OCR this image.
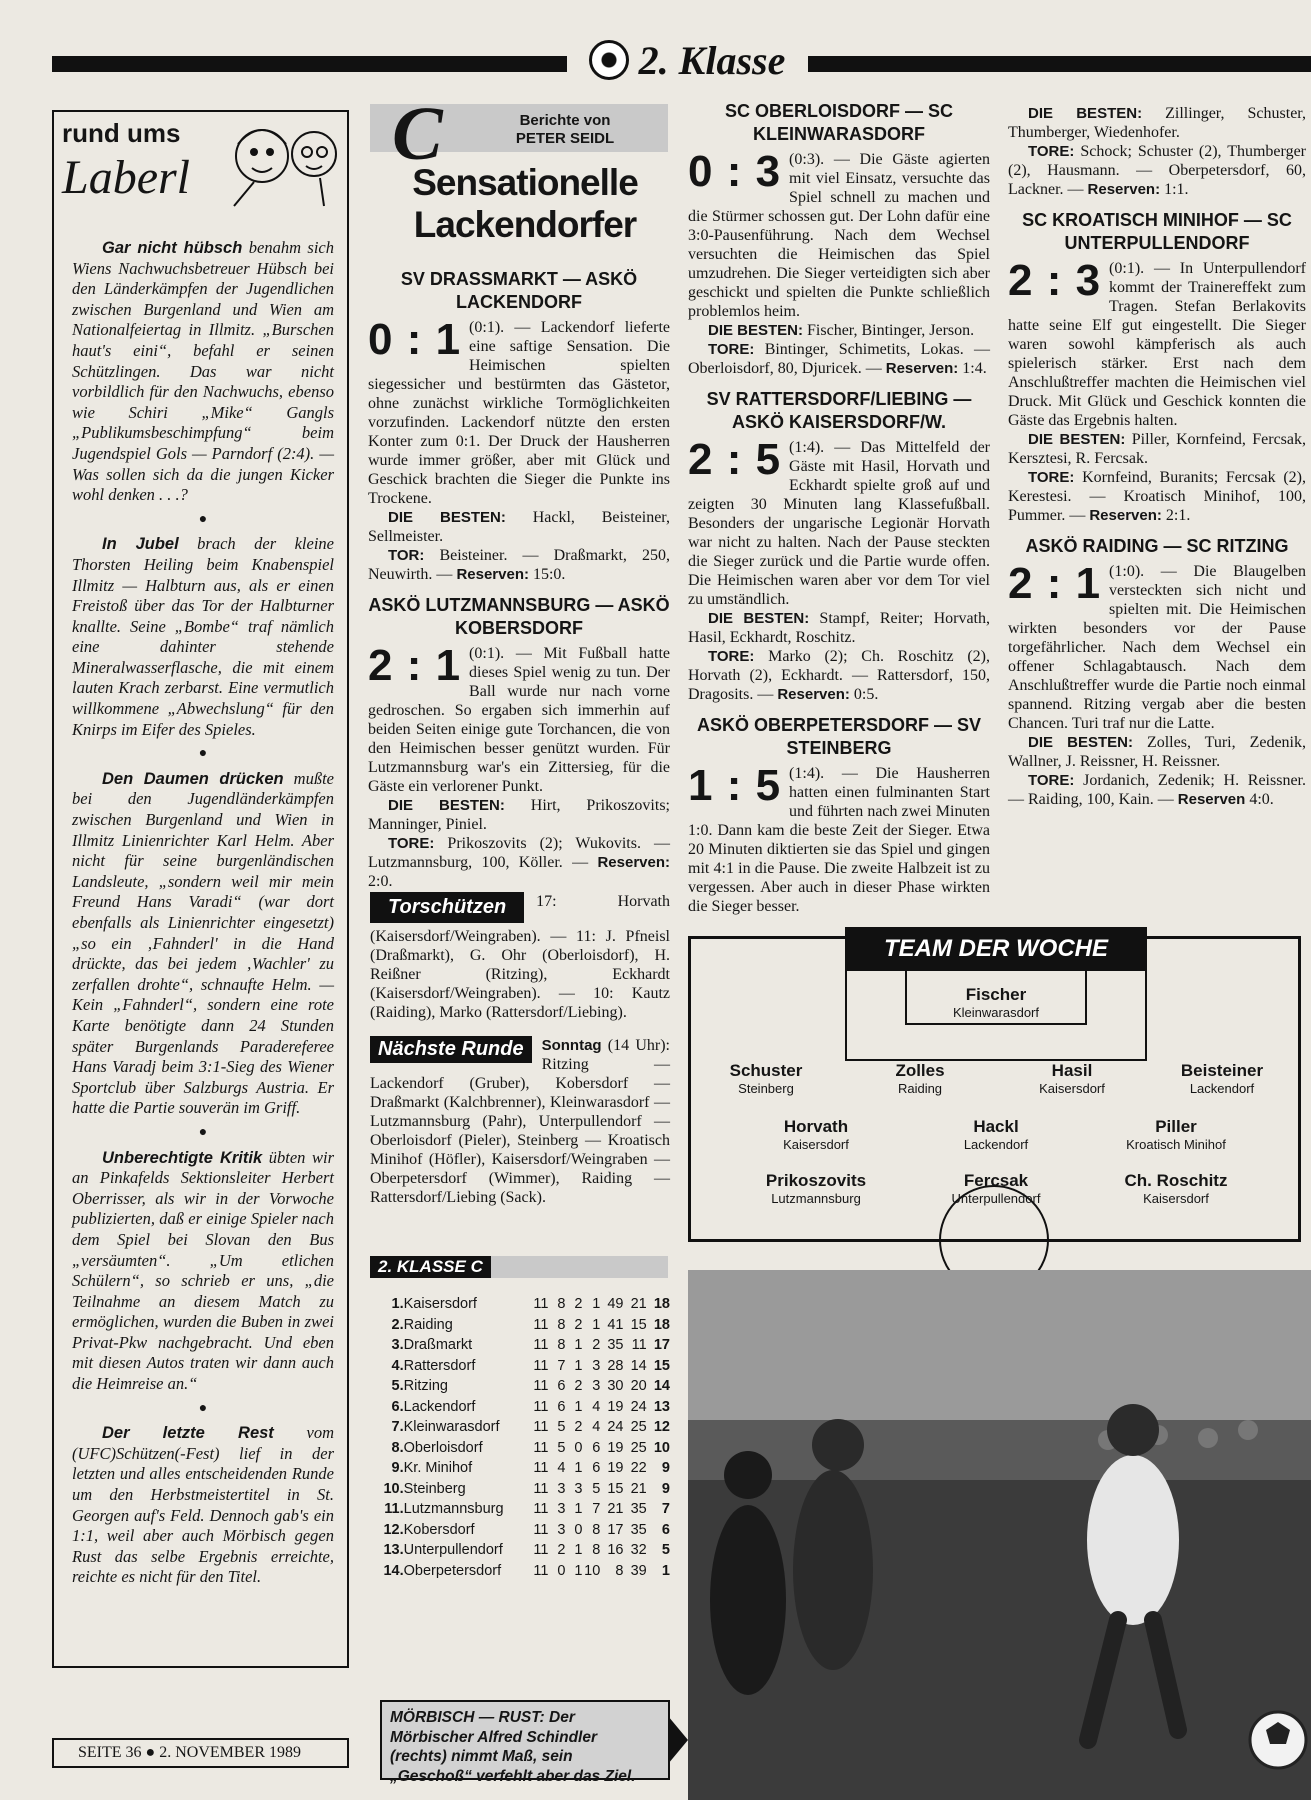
2. Klasse
rund ums
Laberl

Gar nicht hübsch benahm sich Wiens Nachwuchsbetreuer Hübsch bei den Länderkämpfen der Jugendlichen zwischen Burgenland und Wien am Nationalfeiertag in Illmitz. „Burschen haut's eini“, befahl er seinen Schützlingen. Das war nicht vorbildlich für den Nachwuchs, ebenso wie Schiri „Mike“ Gangls „Publikumsbeschimpfung“ beim Jugendspiel Gols — Parndorf (2:4). — Was sollen sich da die jungen Kicker wohl denken . . .?

●

In Jubel brach der kleine Thorsten Heiling beim Knabenspiel Illmitz — Halbturn aus, als er einen Freistoß über das Tor der Halbturner knallte. Seine „Bombe“ traf nämlich eine dahinter stehende Mineralwasserflasche, die mit einem lauten Krach zerbarst. Eine vermutlich willkommene „Abwechslung“ für den Knirps im Eifer des Spieles.

●

Den Daumen drücken mußte bei den Jugendländerkämpfen zwischen Burgenland und Wien in Illmitz Linienrichter Karl Helm. Aber nicht für seine burgenländischen Landsleute, „sondern weil mir mein Freund Hans Varadi“ (war dort ebenfalls als Linienrichter eingesetzt) „so ein ‚Fahnderl' in die Hand drückte, das bei jedem ‚Wachler' zu zerfallen drohte“, schnaufte Helm. — Kein „Fahnderl“, sondern eine rote Karte benötigte dann 24 Stunden später Burgenlands Paradereferee Hans Varadj beim 3:1-Sieg des Wiener Sportclub über Salzburgs Austria. Er hatte die Partie souverän im Griff.

●

Unberechtigte Kritik übten wir an Pinkafelds Sektionsleiter Herbert Oberrisser, als wir in der Vorwoche publizierten, daß er einige Spieler nach dem Spiel bei Slovan den Bus „versäumten“. „Um etlichen Schülern“, so schrieb er uns, „die Teilnahme an diesem Match zu ermöglichen, wurden die Buben in zwei Privat-Pkw nachgebracht. Und eben mit diesen Autos traten wir dann auch die Heimreise an.“

●

Der letzte Rest vom (UFC)Schützen(-Fest) lief in der letzten und alles entscheidenden Runde um den Herbstmeistertitel in St. Georgen auf's Feld. Dennoch gab's ein 1:1, weil aber auch Mörbisch gegen Rust das selbe Ergebnis erreichte, reichte es nicht für den Titel.

C	Berichte von
PETER SEIDL
Sensationelle Lackendorfer
SV DRASSMARKT — ASKÖ LACKENDORF

0 : 1 (0:1). — Lackendorf lieferte eine saftige Sensation. Die Heimischen spielten siegessicher und bestürmten das Gästetor, ohne zunächst wirkliche Tormöglichkeiten vorzufinden. Lackendorf nützte den ersten Konter zum 0:1. Der Druck der Hausherren wurde immer größer, aber mit Glück und Geschick brachten die Sieger die Punkte ins Trockene.

DIE BESTEN: Hackl, Beisteiner, Sellmeister.

TOR: Beisteiner. — Draßmarkt, 250, Neuwirth. — Reserven: 15:0.

ASKÖ LUTZMANNSBURG — ASKÖ KOBERSDORF

2 : 1 (0:1). — Mit Fußball hatte dieses Spiel wenig zu tun. Der Ball wurde nur nach vorne gedroschen. So ergaben sich immerhin auf beiden Seiten einige gute Torchancen, die von den Heimischen besser genützt wurden. Für Lutzmannsburg war's ein Zittersieg, für die Gäste ein verlorener Punkt.

DIE BESTEN: Hirt, Prikoszovits; Manninger, Piniel.

TORE: Prikoszovits (2); Wukovits. — Lutzmannsburg, 100, Köller. — Reserven: 2:0.

Torschützen	17: Horvath (Kaisersdorf/Weingraben). — 11: J. Pfneisl (Draßmarkt), G. Ohr (Oberloisdorf), H. Reißner (Ritzing), Eckhardt (Kaisersdorf/Weingraben). — 10: Kautz (Raiding), Marko (Rattersdorf/Liebing).

Nächste Runde	Sonntag (14 Uhr): Ritzing — Lackendorf (Gruber), Kobersdorf — Draßmarkt (Kalchbrenner), Kleinwarasdorf — Lutzmannsburg (Pahr), Unterpullendorf — Oberloisdorf (Pieler), Steinberg — Kroatisch Minihof (Höfler), Kaisersdorf/Weingraben — Oberpetersdorf (Wimmer), Raiding — Rattersdorf/Liebing (Sack).

2. KLASSE C
1.	Kaisersdorf	11	8	2	1	49	21	18
2.	Raiding	11	8	2	1	41	15	18
3.	Draßmarkt	11	8	1	2	35	11	17
4.	Rattersdorf	11	7	1	3	28	14	15
5.	Ritzing	11	6	2	3	30	20	14
6.	Lackendorf	11	6	1	4	19	24	13
7.	Kleinwarasdorf	11	5	2	4	24	25	12
8.	Oberloisdorf	11	5	0	6	19	25	10
9.	Kr. Minihof	11	4	1	6	19	22	9
10.	Steinberg	11	3	3	5	15	21	9
11.	Lutzmannsburg	11	3	1	7	21	35	7
12.	Kobersdorf	11	3	0	8	17	35	6
13.	Unterpullendorf	11	2	1	8	16	32	5
14.	Oberpetersdorf	11	0	1	10	8	39	1
MÖRBISCH — RUST: Der Mörbischer Alfred Schindler (rechts) nimmt Maß, sein „Geschoß“ verfehlt aber das Ziel.
SC OBERLOISDORF — SC KLEINWARASDORF

0 : 3 (0:3). — Die Gäste agierten mit viel Einsatz, versuchte das Spiel schnell zu machen und die Stürmer schossen gut. Der Lohn dafür eine 3:0-Pausenführung. Nach dem Wechsel versuchten die Heimischen das Spiel umzudrehen. Die Sieger verteidigten sich aber geschickt und spielten die Punkte schließlich problemlos heim.

DIE BESTEN: Fischer, Bintinger, Jerson.

TORE: Bintinger, Schimetits, Lokas. — Oberloisdorf, 80, Djuricek. — Reserven: 1:4.

SV RATTERSDORF/LIEBING — ASKÖ KAISERSDORF/W.

2 : 5 (1:4). — Das Mittelfeld der Gäste mit Hasil, Horvath und Eckhardt spielte groß auf und zeigten 30 Minuten lang Klassefußball. Besonders der ungarische Legionär Horvath war nicht zu halten. Nach der Pause steckten die Sieger zurück und die Partie wurde offen. Die Heimischen waren aber vor dem Tor viel zu umständlich.

DIE BESTEN: Stampf, Reiter; Horvath, Hasil, Eckhardt, Roschitz.

TORE: Marko (2); Ch. Roschitz (2), Horvath (2), Eckhardt. — Rattersdorf, 150, Dragosits. — Reserven: 0:5.

ASKÖ OBERPETERSDORF — SV STEINBERG

1 : 5 (1:4). — Die Hausherren hatten einen fulminanten Start und führten nach zwei Minuten 1:0. Dann kam die beste Zeit der Sieger. Etwa 20 Minuten diktierten sie das Spiel und gingen mit 4:1 in die Pause. Die zweite Halbzeit ist zu vergessen. Aber auch in dieser Phase wirkten die Sieger besser.

DIE BESTEN: Zillinger, Schuster, Thumberger, Wiedenhofer.

TORE: Schock; Schuster (2), Thumberger (2), Hausmann. — Oberpetersdorf, 60, Lackner. — Reserven: 1:1.

SC KROATISCH MINIHOF — SC UNTERPULLENDORF

2 : 3 (0:1). — In Unterpullendorf kommt der Trainereffekt zum Tragen. Stefan Berlakovits hatte seine Elf gut eingestellt. Die Sieger waren sowohl kämpferisch als auch spielerisch stärker. Erst nach dem Anschlußtreffer machten die Heimischen viel Druck. Mit Glück und Geschick konnten die Gäste das Ergebnis halten.

DIE BESTEN: Piller, Kornfeind, Fercsak, Kersztesi, R. Fercsak.

TORE: Kornfeind, Buranits; Fercsak (2), Kerestesi. — Kroatisch Minihof, 100, Pummer. — Reserven: 2:1.

ASKÖ RAIDING — SC RITZING

2 : 1 (1:0). — Die Blaugelben versteckten sich nicht und spielten mit. Die Heimischen wirkten besonders vor der Pause torgefährlicher. Nach dem Wechsel ein offener Schlagabtausch. Nach dem Anschlußtreffer wurde die Partie noch einmal spannend. Ritzing vergab aber die besten Chancen. Turi traf nur die Latte.

DIE BESTEN: Zolles, Turi, Zedenik, Wallner, J. Reissner, H. Reissner.

TORE: Jordanich, Zedenik; H. Reissner. — Raiding, 100, Kain. — Reserven 4:0.

TEAM DER WOCHE
Fischer
Kleinwarasdorf
Schuster
Steinberg
Zolles
Raiding
Hasil
Kaisersdorf
Beisteiner
Lackendorf
Horvath
Kaisersdorf
Hackl
Lackendorf
Piller
Kroatisch Minihof
Prikoszovits
Lutzmannsburg
Fercsak
Unterpullendorf
Ch. Roschitz
Kaisersdorf
SEITE 36 ● 2. NOVEMBER 1989
